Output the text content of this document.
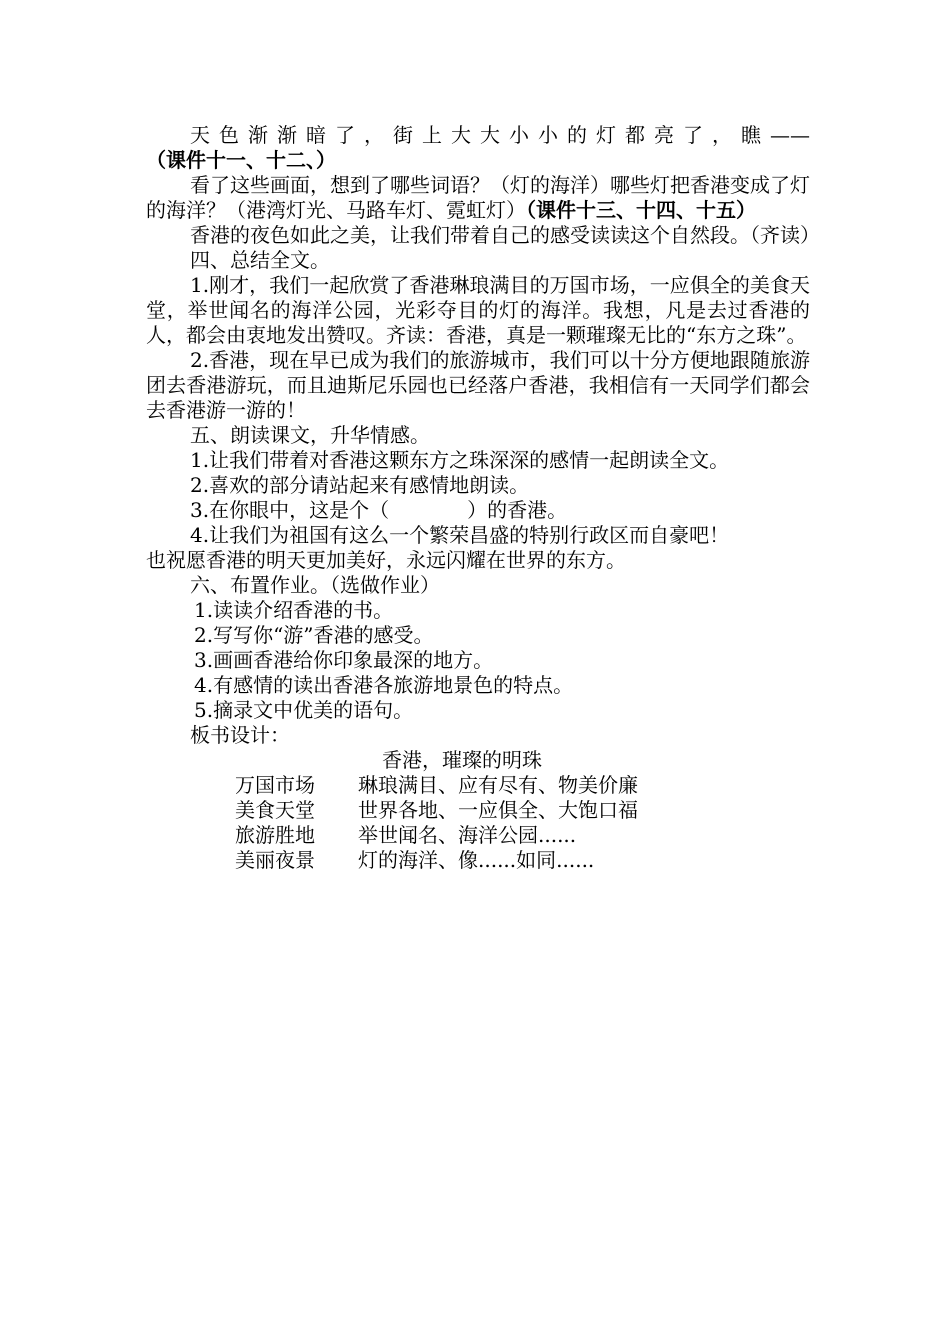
天色渐渐暗了，街上大大小小的灯都亮了，瞧——（课件十一、十二、）

看了这些画面，想到了哪些词语？（灯的海洋）哪些灯把香港变成了灯的海洋？（港湾灯光、马路车灯、霓虹灯）（课件十三、十四、十五）

香港的夜色如此之美，让我们带着自己的感受读读这个自然段。（齐读）

四、总结全文。

1.刚才，我们一起欣赏了香港琳琅满目的万国市场，一应俱全的美食天堂，举世闻名的海洋公园，光彩夺目的灯的海洋。我想，凡是去过香港的人，都会由衷地发出赞叹。齐读：香港，真是一颗璀璨无比的“东方之珠”。

2.香港，现在早已成为我们的旅游城市，我们可以十分方便地跟随旅游团去香港游玩，而且迪斯尼乐园也已经落户香港，我相信有一天同学们都会去香港游一游的！

五、朗读课文，升华情感。

1.让我们带着对香港这颗东方之珠深深的感情一起朗读全文。

2.喜欢的部分请站起来有感情地朗读。

3.在你眼中，这是个（	）的香港。

4.让我们为祖国有这么一个繁荣昌盛的特别行政区而自豪吧！

也祝愿香港的明天更加美好，永远闪耀在世界的东方。

六、布置作业。（选做作业）

1.读读介绍香港的书。

2.写写你“游”香港的感受。

3.画画香港给你印象最深的地方。

4.有感情的读出香港各旅游地景色的特点。

5.摘录文中优美的语句。

板书设计：

香港，璀璨的明珠

万国市场	琳琅满目、应有尽有、物美价廉
美食天堂	世界各地、一应俱全、大饱口福
旅游胜地	举世闻名、海洋公园......
美丽夜景	灯的海洋、像......如同......
